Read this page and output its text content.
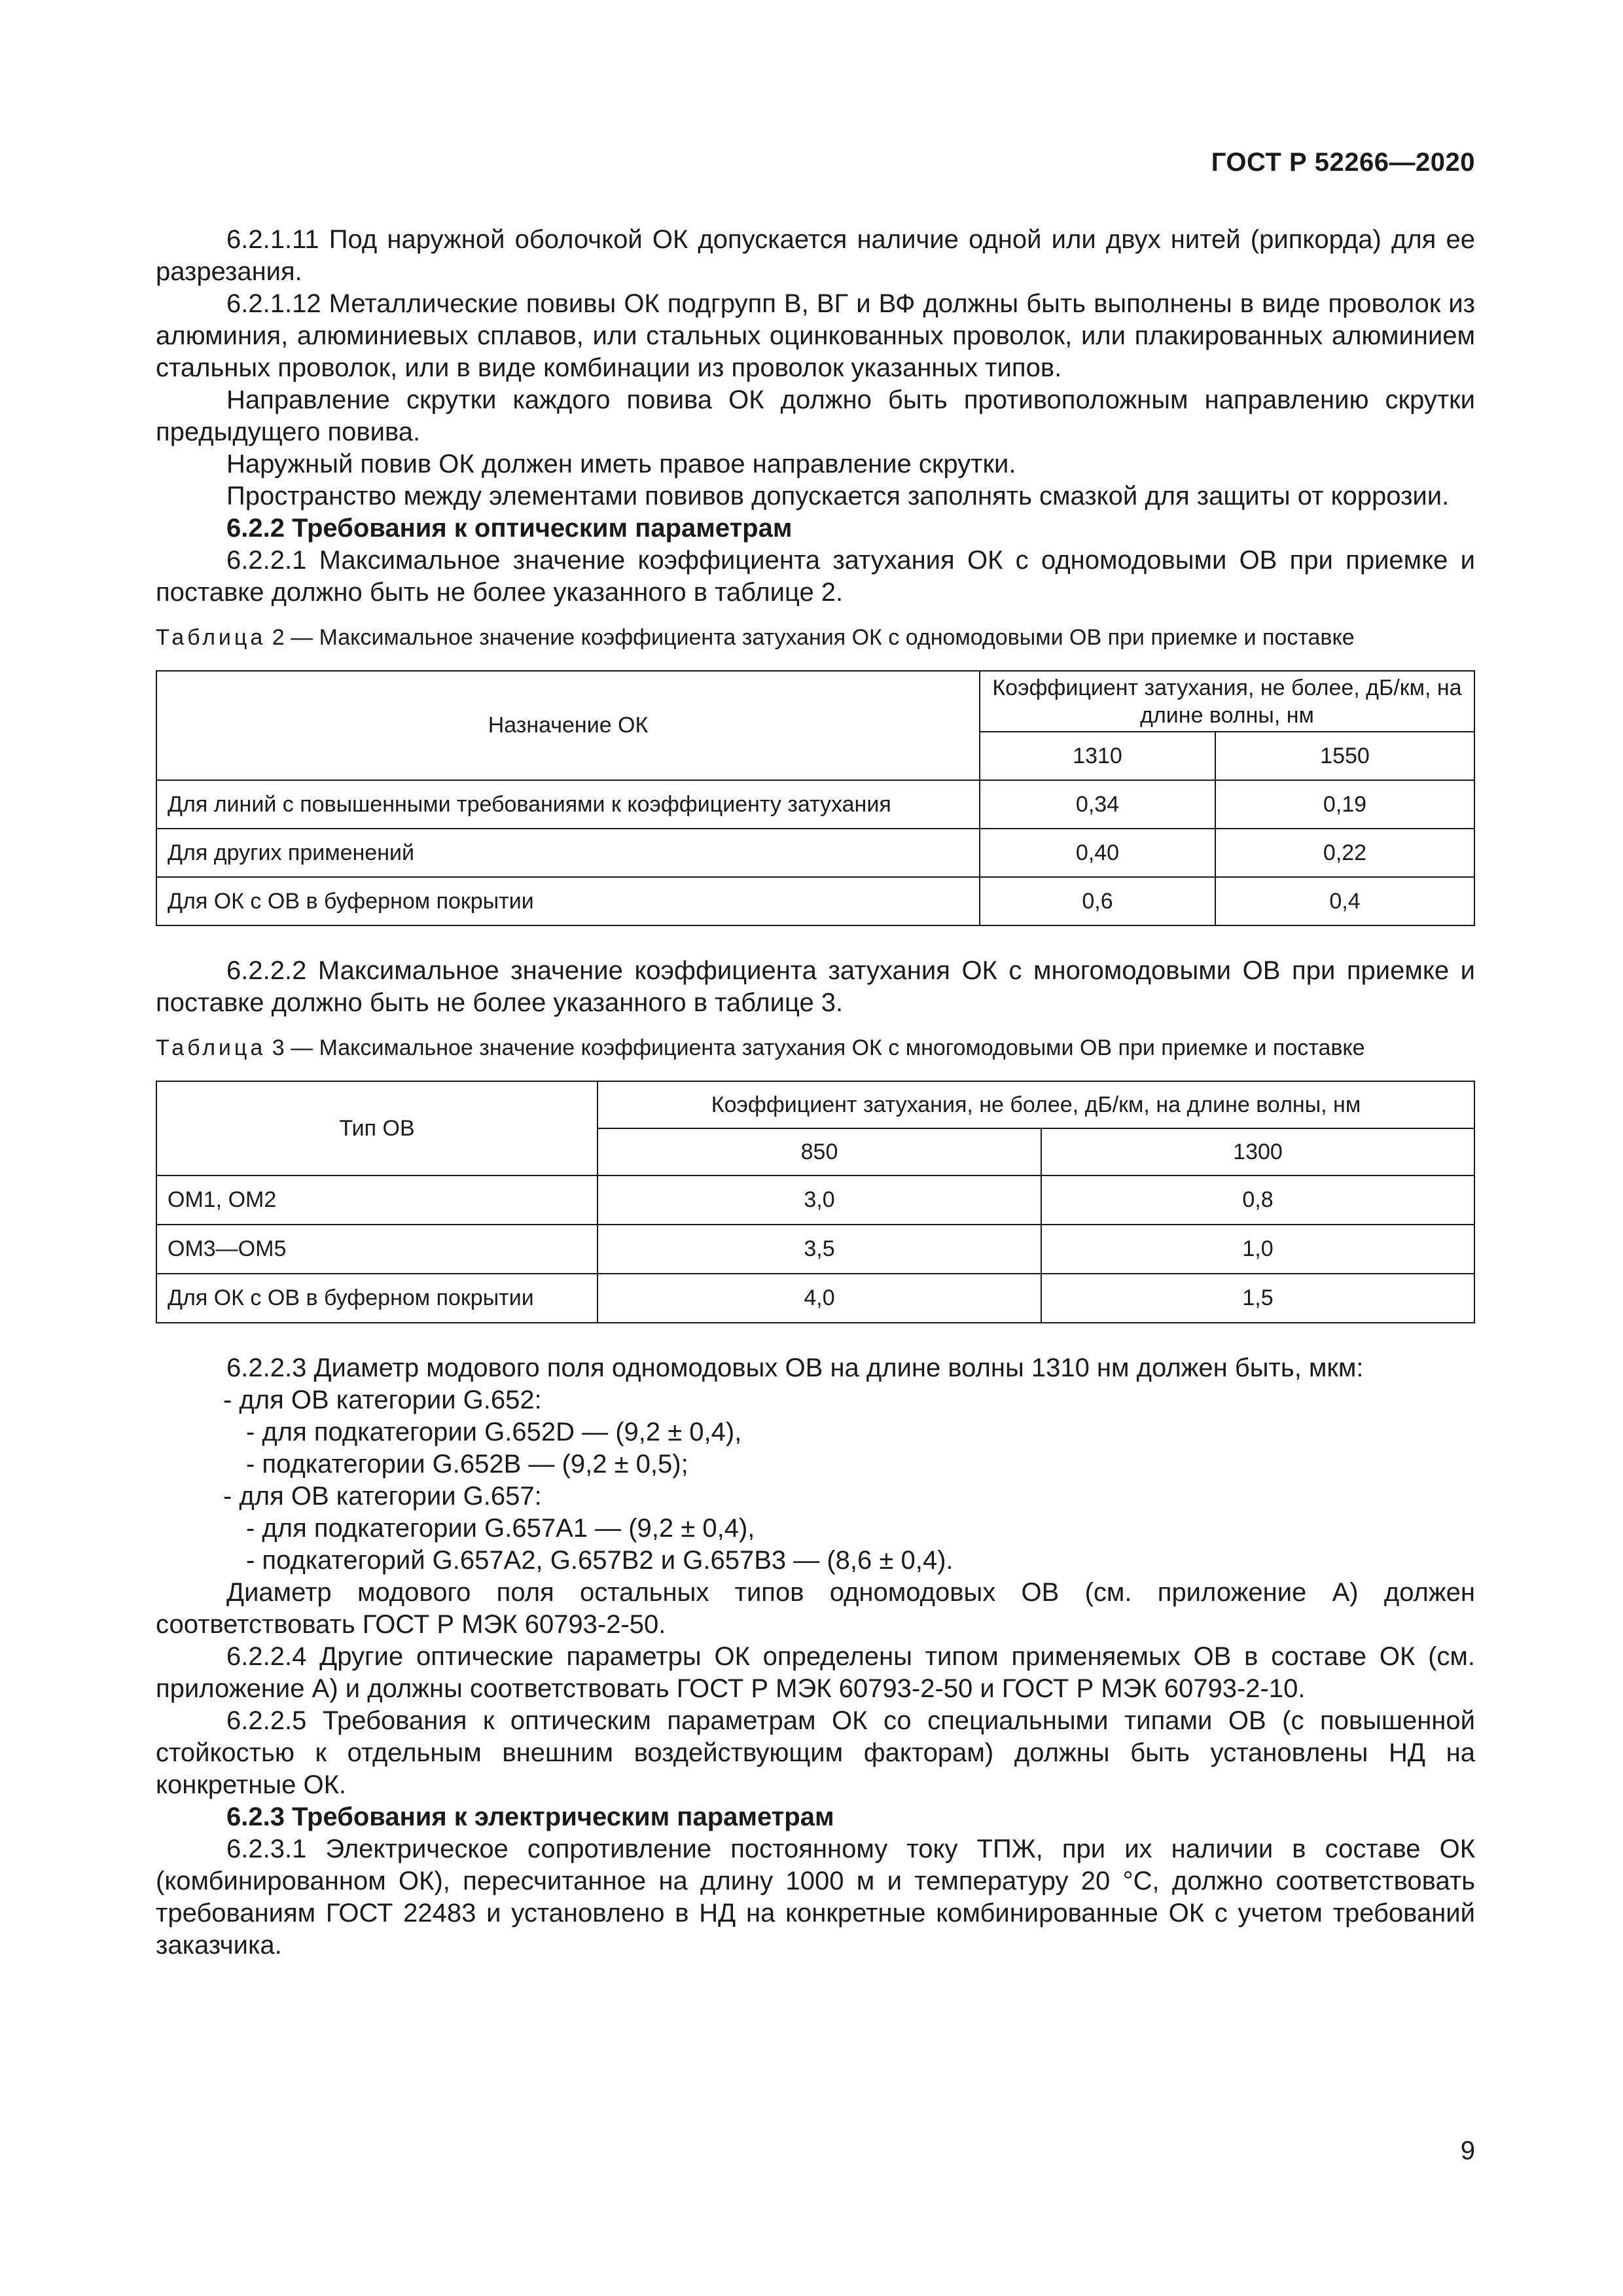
ГОСТ Р 52266—2020

6.2.1.11 Под наружной оболочкой ОК допускается наличие одной или двух нитей (рипкорда) для ее разрезания.

6.2.1.12 Металлические повивы ОК подгрупп В, ВГ и ВФ должны быть выполнены в виде проволок из алюминия, алюминиевых сплавов, или стальных оцинкованных проволок, или плакированных алюминием стальных проволок, или в виде комбинации из проволок указанных типов.

Направление скрутки каждого повива ОК должно быть противоположным направлению скрутки предыдущего повива.

Наружный повив ОК должен иметь правое направление скрутки.

Пространство между элементами повивов допускается заполнять смазкой для защиты от коррозии.

6.2.2 Требования к оптическим параметрам

6.2.2.1 Максимальное значение коэффициента затухания ОК с одномодовыми ОВ при приемке и поставке должно быть не более указанного в таблице 2.

Таблица 2 — Максимальное значение коэффициента затухания ОК с одномодовыми ОВ при приемке и поставке
Назначение ОК	Коэффициент затухания, не более, дБ/км, на длине волны, нм	
	1310	1550
Для линий с повышенными требованиями к коэффициенту затухания	0,34	0,19
Для других применений	0,40	0,22
Для ОК с ОВ в буферном покрытии	0,6	0,4

6.2.2.2 Максимальное значение коэффициента затухания ОК с многомодовыми ОВ при приемке и поставке должно быть не более указанного в таблице 3.

Таблица 3 — Максимальное значение коэффициента затухания ОК с многомодовыми ОВ при приемке и поставке
Тип ОВ	Коэффициент затухания, не более, дБ/км, на длине волны, нм	
	850	1300
ОМ1, ОМ2	3,0	0,8
ОМ3—ОМ5	3,5	1,0
Для ОК с ОВ в буферном покрытии	4,0	1,5

6.2.2.3 Диаметр модового поля одномодовых ОВ на длине волны 1310 нм должен быть, мкм:

- для ОВ категории G.652:
- для подкатегории G.652D — (9,2 ± 0,4),
- подкатегории G.652B — (9,2 ± 0,5);
- для ОВ категории G.657:
- для подкатегории G.657A1 — (9,2 ± 0,4),
- подкатегорий G.657A2, G.657B2 и G.657B3 — (8,6 ± 0,4).

Диаметр модового поля остальных типов одномодовых ОВ (см. приложение А) должен соответствовать ГОСТ Р МЭК 60793-2-50.

6.2.2.4 Другие оптические параметры ОК определены типом применяемых ОВ в составе ОК (см. приложение А) и должны соответствовать ГОСТ Р МЭК 60793-2-50 и ГОСТ Р МЭК 60793-2-10.

6.2.2.5 Требования к оптическим параметрам ОК со специальными типами ОВ (с повышенной стойкостью к отдельным внешним воздействующим факторам) должны быть установлены НД на конкретные ОК.

6.2.3 Требования к электрическим параметрам

6.2.3.1 Электрическое сопротивление постоянному току ТПЖ, при их наличии в составе ОК (комбинированном ОК), пересчитанное на длину 1000 м и температуру 20 °С, должно соответствовать требованиям ГОСТ 22483 и установлено в НД на конкретные комбинированные ОК с учетом требований заказчика.

9
